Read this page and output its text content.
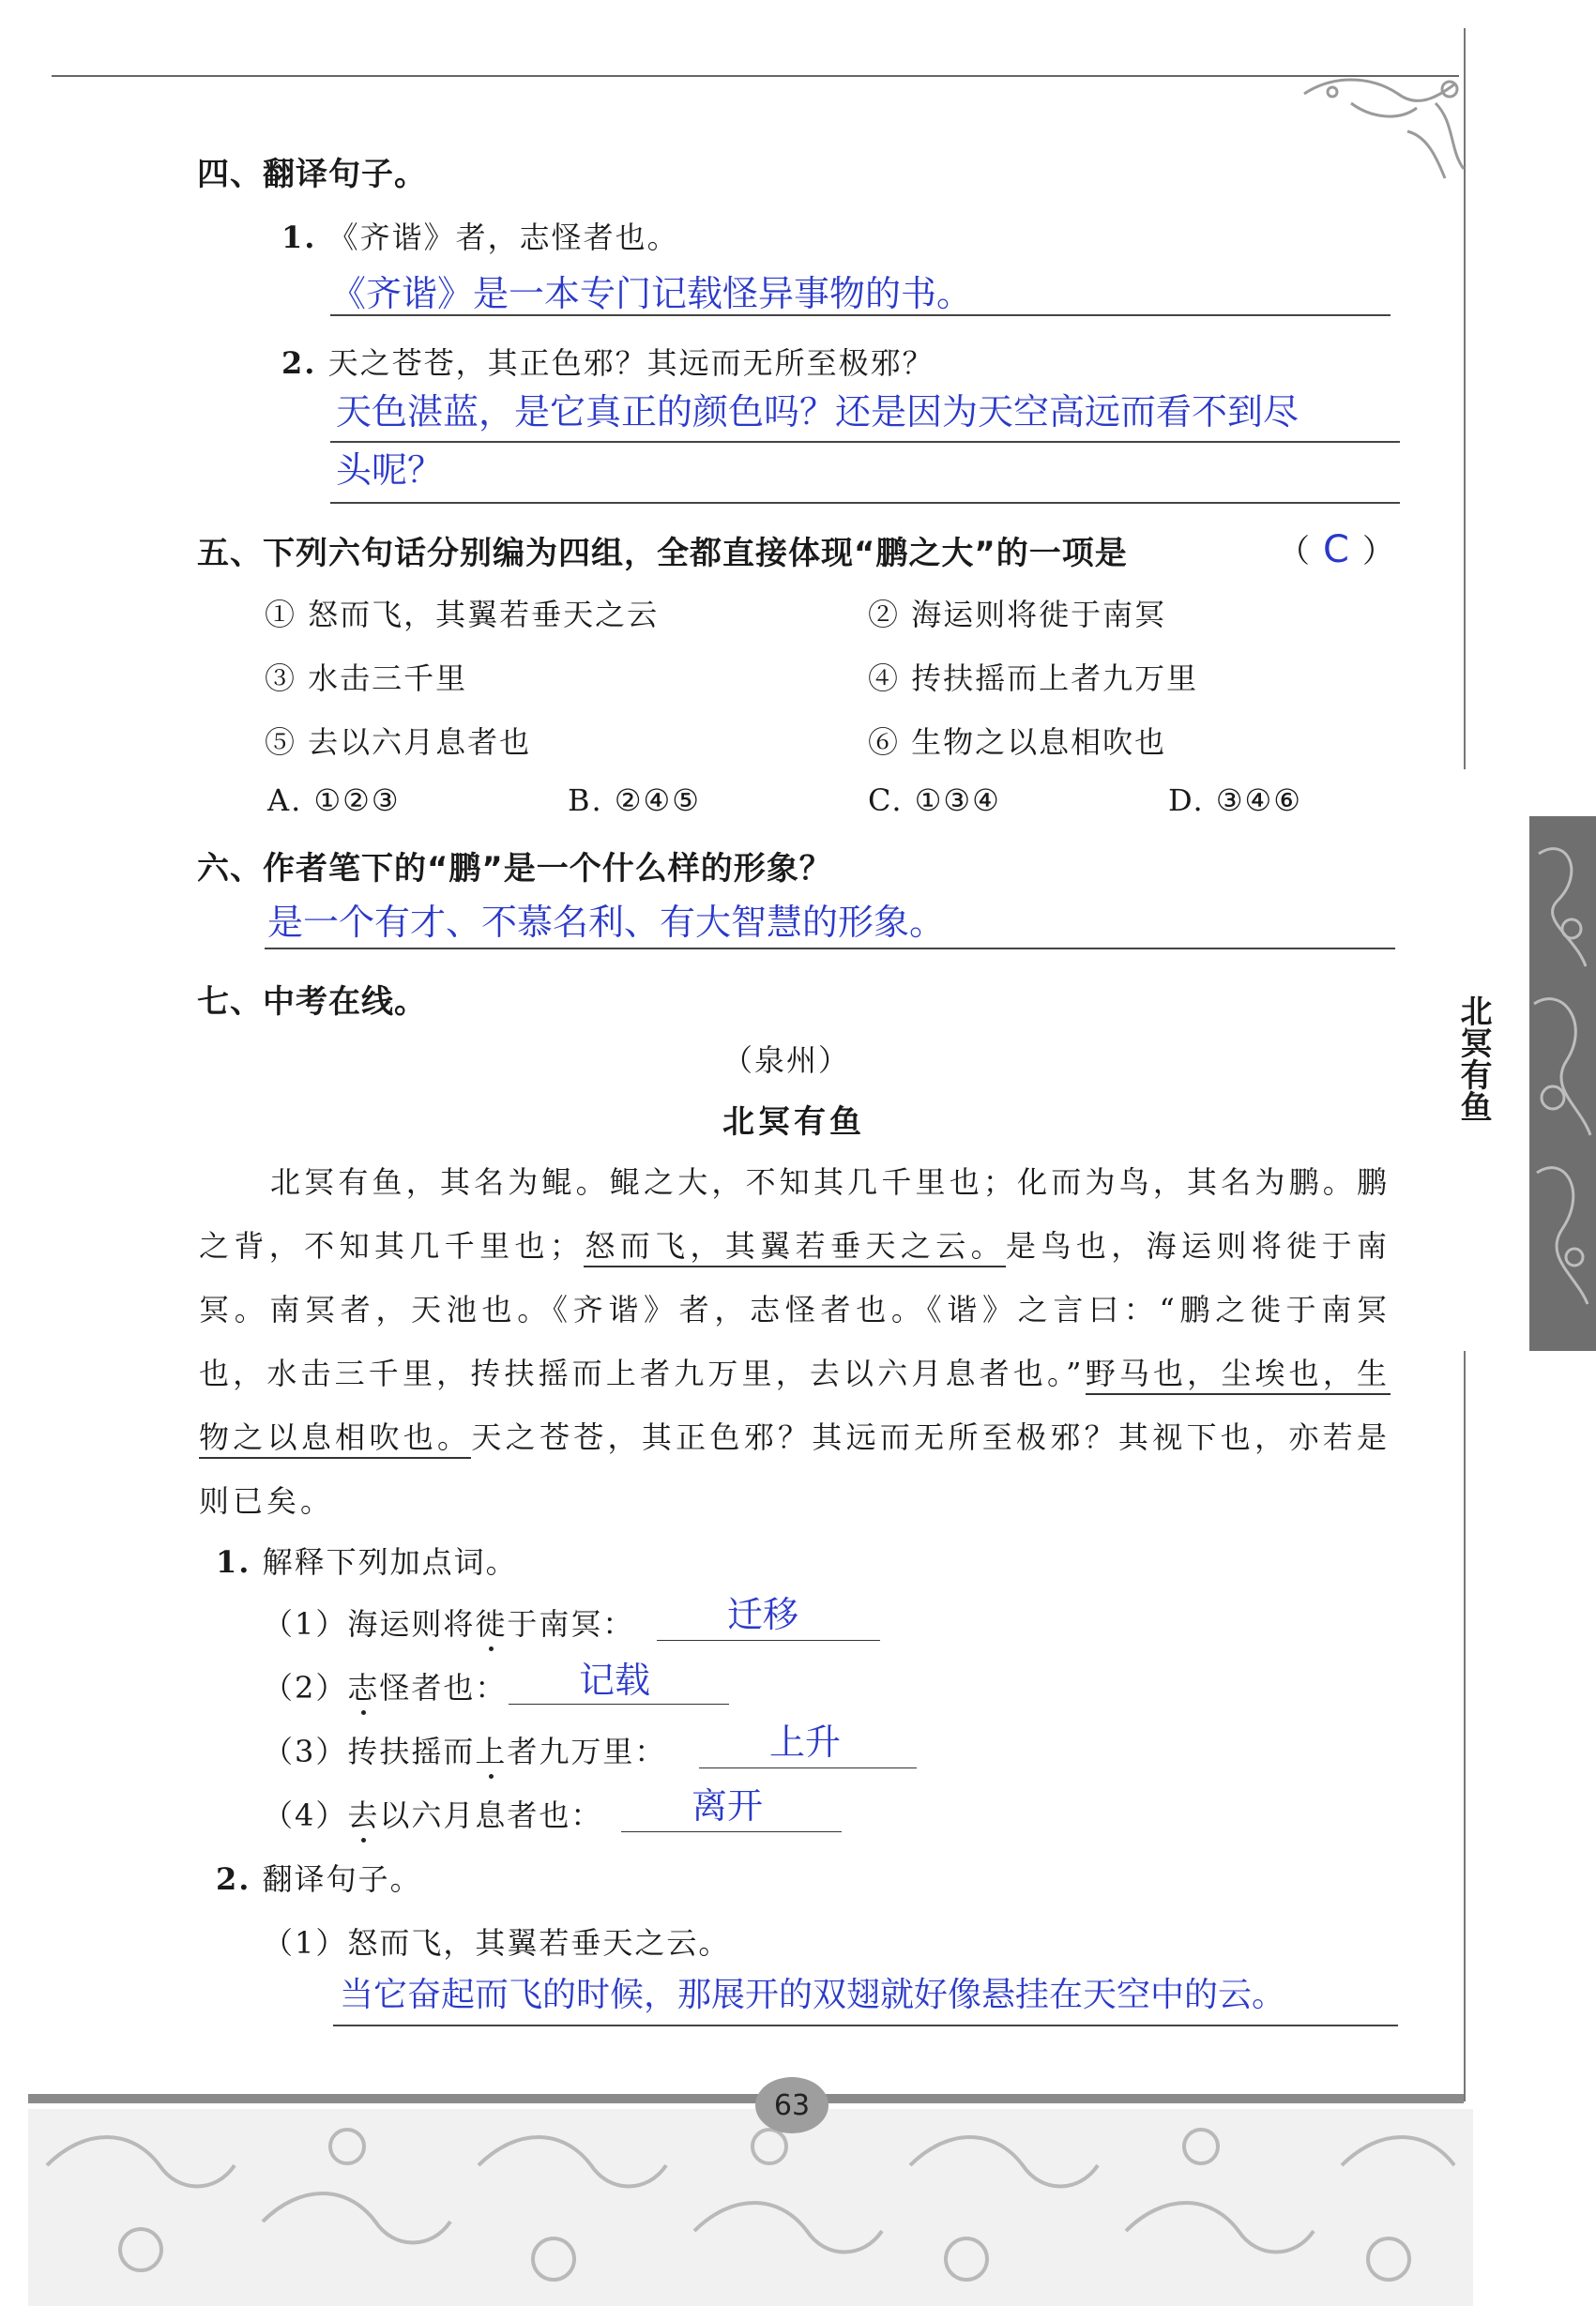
北冥有鱼
四、翻译句子。
1. 《齐谐》者，志怪者也。
《齐谐》是一本专门记载怪异事物的书。
2. 天之苍苍，其正色邪？其远而无所至极邪？
天色湛蓝，是它真正的颜色吗？还是因为天空高远而看不到尽
头呢？
五、下列六句话分别编为四组，全都直接体现“鹏之大”的一项是	（ C ）
① 怒而飞，其翼若垂天之云	② 海运则将徙于南冥
③ 水击三千里	④ 抟扶摇而上者九万里
⑤ 去以六月息者也	⑥ 生物之以息相吹也
A. ①②③	B. ②④⑤	C. ①③④	D. ③④⑥
六、作者笔下的“鹏”是一个什么样的形象？
是一个有才、不慕名利、有大智慧的形象。
七、中考在线。
（泉州）
北冥有鱼
北冥有鱼，其名为鲲。鲲之大，不知其几千里也；化而为鸟，其名为鹏。鹏之背，不知其几千里也；怒而飞，其翼若垂天之云。是鸟也，海运则将徙于南冥。南冥者，天池也。《齐谐》者，志怪者也。《谐》之言曰：“鹏之徙于南冥也，水击三千里，抟扶摇而上者九万里，去以六月息者也。”野马也，尘埃也，生物之以息相吹也。天之苍苍，其正色邪？其远而无所至极邪？其视下也，亦若是则已矣。
1. 解释下列加点词。
（1）海运则将徙于南冥：	迁移
（2）志怪者也： 记载
（3）抟扶摇而上者九万里：	上升
（4）去以六月息者也： 离开
2. 翻译句子。
（1）怒而飞，其翼若垂天之云。
当它奋起而飞的时候，那展开的双翅就好像悬挂在天空中的云。
63
